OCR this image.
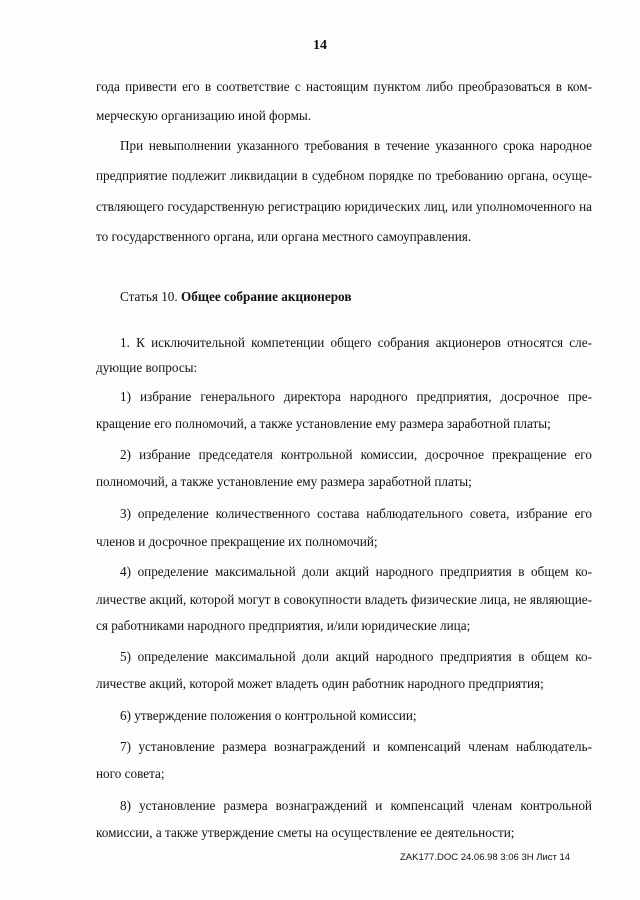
14
года привести его в соответствие с настоящим пунктом либо преобразоваться в ком-
мерческую организацию иной формы.
При невыполнении указанного требования в течение указанного срока народное
предприятие подлежит ликвидации в судебном порядке по требованию органа, осуще-
ствляющего государственную регистрацию юридических лиц, или уполномоченного на
то государственного органа, или органа местного самоуправления.
Статья 10. Общее собрание акционеров
1. К исключительной компетенции общего собрания акционеров относятся сле-
дующие вопросы:
1) избрание генерального директора народного предприятия, досрочное пре-
кращение его полномочий, а также установление ему размера заработной платы;
2) избрание председателя контрольной комиссии, досрочное прекращение его
полномочий, а также установление ему размера заработной платы;
3) определение количественного состава наблюдательного совета, избрание его
членов и досрочное прекращение их полномочий;
4) определение максимальной доли акций народного предприятия в общем ко-
личестве акций, которой могут в совокупности владеть физические лица, не являющие-
ся работниками народного предприятия, и/или юридические лица;
5) определение максимальной доли акций народного предприятия в общем ко-
личестве акций, которой может владеть один работник народного предприятия;
6) утверждение положения о контрольной комиссии;
7) установление размера вознаграждений и компенсаций членам наблюдатель-
ного совета;
8) установление размера вознаграждений и компенсаций членам контрольной
комиссии, а также утверждение сметы на осуществление ее деятельности;
ZAK177.DOC 24.06.98 3:06 3Н Лист 14
